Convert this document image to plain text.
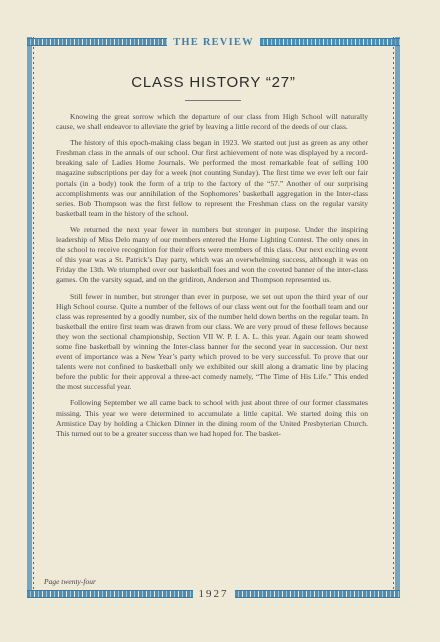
THE REVIEW
CLASS HISTORY “27”

Knowing the great sorrow which the departure of our class from High School will naturally cause, we shall endeavor to alleviate the grief by leaving a little record of the deeds of our class.

The history of this epoch-making class began in 1923. We started out just as green as any other Freshman class in the annals of our school. Our first achievement of note was displayed by a record-breaking sale of Ladies Home Journals. We performed the most remarkable feat of selling 100 magazine subscriptions per day for a week (not counting Sunday). The first time we ever left our fair portals (in a body) took the form of a trip to the factory of the “57.” Another of our surprising accomplishments was our annihilation of the Sophomores’ basketball aggregation in the Inter-class series. Bob Thompson was the first fellow to represent the Freshman class on the regular varsity basketball team in the history of the school.

We returned the next year fewer in numbers but stronger in purpose. Under the inspiring leadership of Miss Delo many of our members entered the Home Lighting Contest. The only ones in the school to receive recognition for their efforts were members of this class. Our next exciting event of this year was a St. Patrick’s Day party, which was an overwhelming success, although it was on Friday the 13th. We triumphed over our basketball foes and won the coveted banner of the inter-class games. On the varsity squad, and on the gridiron, Anderson and Thompson represented us.

Still fewer in number, but stronger than ever in purpose, we set out upon the third year of our High School course. Quite a number of the fellows of our class went out for the football team and our class was represented by a goodly number, six of the number held down berths on the regular team. In basketball the entire first team was drawn from our class. We are very proud of these fellows because they won the sectional championship, Section VII W. P. I. A. L. this year. Again our team showed some fine basketball by winning the Inter-class banner for the second year in succession. Our next event of importance was a New Year’s party which proved to be very successful. To prove that our talents were not confined to basketball only we exhibited our skill along a dramatic line by placing before the public for their approval a three-act comedy namely, “The Time of His Life.” This ended the most successful year.

Following September we all came back to school with just about three of our former classmates missing. This year we were determined to accumulate a little capital. We started doing this on Armistice Day by holding a Chicken Dinner in the dining room of the United Presbyterian Church. This turned out to be a greater success than we had hoped for. The basket-

Page twenty-four
1927
